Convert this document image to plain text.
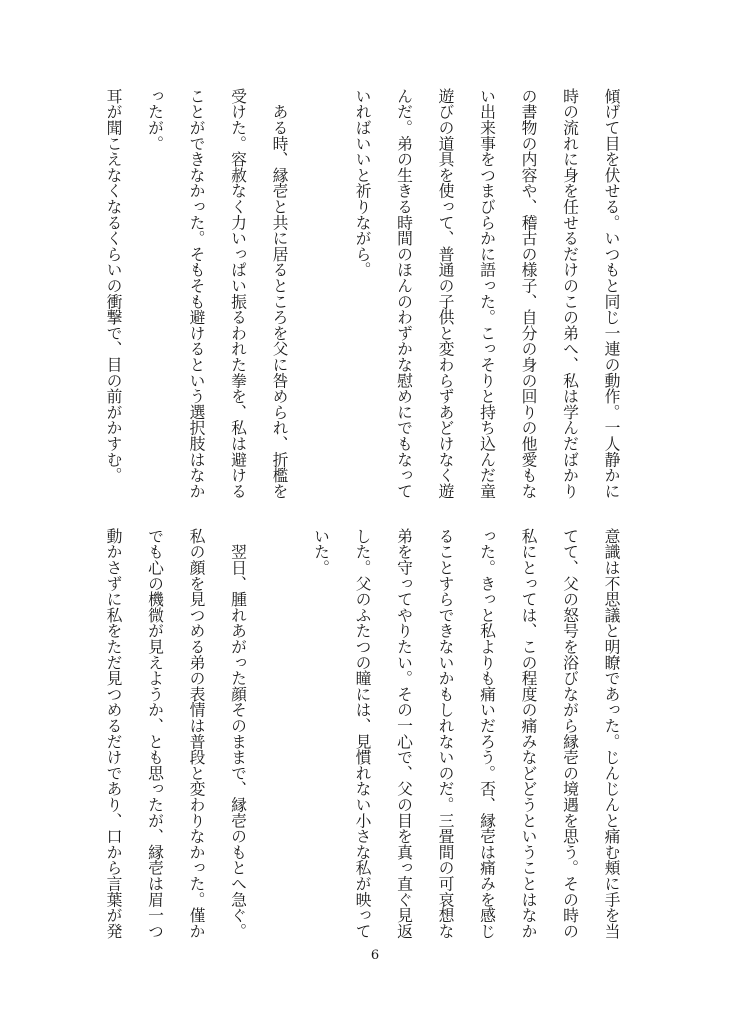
傾げて目を伏せる。いつもと同じ一連の動作。一人静かに
時の流れに身を任せるだけのこの弟へ、私は学んだばかり
の書物の内容や、稽古の様子、自分の身の回りの他愛もな
い出来事をつまびらかに語った。こっそりと持ち込んだ童
遊びの道具を使って、普通の子供と変わらずあどけなく遊
んだ。弟の生きる時間のほんのわずかな慰めにでもなって
いればいいと祈りながら。
　ある時、縁壱と共に居るところを父に咎められ、折檻を
受けた。容赦なく力いっぱい振るわれた拳を、私は避ける
ことができなかった。そもそも避けるという選択肢はなか
ったが。
耳が聞こえなくなるくらいの衝撃で、目の前がかすむ。
意識は不思議と明瞭であった。じんじんと痛む頬に手を当
てて、父の怒号を浴びながら縁壱の境遇を思う。その時の
私にとっては、この程度の痛みなどどうということはなか
った。きっと私よりも痛いだろう。否、縁壱は痛みを感じ
ることすらできないかもしれないのだ。三畳間の可哀想な
弟を守ってやりたい。その一心で、父の目を真っ直ぐ見返
した。父のふたつの瞳には、見慣れない小さな私が映って
いた。
　翌日、腫れあがった顔そのままで、縁壱のもとへ急ぐ。
私の顔を見つめる弟の表情は普段と変わりなかった。僅か
でも心の機微が見えようか、とも思ったが、縁壱は眉一つ
動かさずに私をただ見つめるだけであり、口から言葉が発
6
